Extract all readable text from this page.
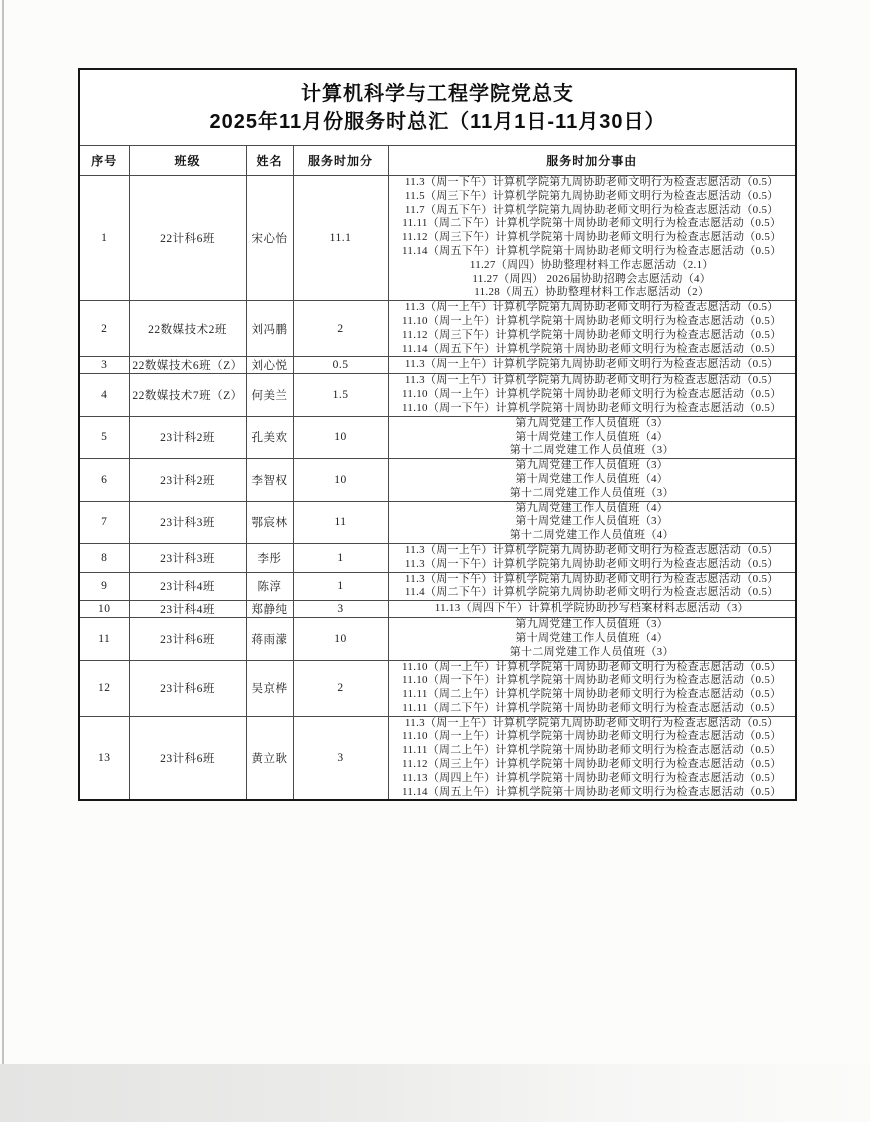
计算机科学与工程学院党总支
2025年11月份服务时总汇（11月1日-11月30日）				

序号	班级	姓名	服务时加分	服务时加分事由
1	22计科6班	宋心怡	11.1	
11.3（周一下午）计算机学院第九周协助老师文明行为检查志愿活动（0.5）
11.5（周三下午）计算机学院第九周协助老师文明行为检查志愿活动（0.5）
11.7（周五下午）计算机学院第九周协助老师文明行为检查志愿活动（0.5）
11.11（周二下午）计算机学院第十周协助老师文明行为检查志愿活动（0.5）
11.12（周三下午）计算机学院第十周协助老师文明行为检查志愿活动（0.5）
11.14（周五下午）计算机学院第十周协助老师文明行为检查志愿活动（0.5）
11.27（周四）协助整理材料工作志愿活动（2.1）
11.27（周四） 2026届协助招聘会志愿活动（4）
11.28（周五）协助整理材料工作志愿活动（2）

2	22数媒技术2班	刘冯鹏	2	11.3（周一上午）计算机学院第九周协助老师文明行为检查志愿活动（0.5）
11.10（周一上午）计算机学院第十周协助老师文明行为检查志愿活动（0.5）
11.12（周三下午）计算机学院第十周协助老师文明行为检查志愿活动（0.5）
11.14（周五下午）计算机学院第十周协助老师文明行为检查志愿活动（0.5）

3	22数媒技术6班（Z）	刘心悦	0.5	11.3（周一上午）计算机学院第九周协助老师文明行为检查志愿活动（0.5）

4	22数媒技术7班（Z）	何美兰	1.5	11.3（周一上午）计算机学院第九周协助老师文明行为检查志愿活动（0.5）
11.10（周一上午）计算机学院第十周协助老师文明行为检查志愿活动（0.5）
11.10（周一下午）计算机学院第十周协助老师文明行为检查志愿活动（0.5）

5	23计科2班	孔美欢	10	第九周党建工作人员值班（3）
第十周党建工作人员值班（4）
第十二周党建工作人员值班（3）

6	23计科2班	李智权	10	第九周党建工作人员值班（3）
第十周党建工作人员值班（4）
第十二周党建工作人员值班（3）

7	23计科3班	鄂宸林	11	第九周党建工作人员值班（4）
第十周党建工作人员值班（3）
第十二周党建工作人员值班（4）

8	23计科3班	李彤	1	11.3（周一上午）计算机学院第九周协助老师文明行为检查志愿活动（0.5）
11.3（周一下午）计算机学院第九周协助老师文明行为检查志愿活动（0.5）

9	23计科4班	陈淳	1	11.3（周一下午）计算机学院第九周协助老师文明行为检查志愿活动（0.5）
11.4（周二下午）计算机学院第九周协助老师文明行为检查志愿活动（0.5）

10	23计科4班	郑静纯	3	11.13（周四下午）计算机学院协助抄写档案材料志愿活动（3）

11	23计科6班	蒋雨濛	10	第九周党建工作人员值班（3）
第十周党建工作人员值班（4）
第十二周党建工作人员值班（3）

12	23计科6班	吴京桦	2	11.10（周一上午）计算机学院第十周协助老师文明行为检查志愿活动（0.5）
11.10（周一下午）计算机学院第十周协助老师文明行为检查志愿活动（0.5）
11.11（周二上午）计算机学院第十周协助老师文明行为检查志愿活动（0.5）
11.11（周二下午）计算机学院第十周协助老师文明行为检查志愿活动（0.5）

13	23计科6班	黄立耿	3	
11.3（周一上午）计算机学院第九周协助老师文明行为检查志愿活动（0.5）
11.10（周一上午）计算机学院第十周协助老师文明行为检查志愿活动（0.5）
11.11（周二上午）计算机学院第十周协助老师文明行为检查志愿活动（0.5）
11.12（周三上午）计算机学院第十周协助老师文明行为检查志愿活动（0.5）
11.13（周四上午）计算机学院第十周协助老师文明行为检查志愿活动（0.5）
11.14（周五上午）计算机学院第十周协助老师文明行为检查志愿活动（0.5）
